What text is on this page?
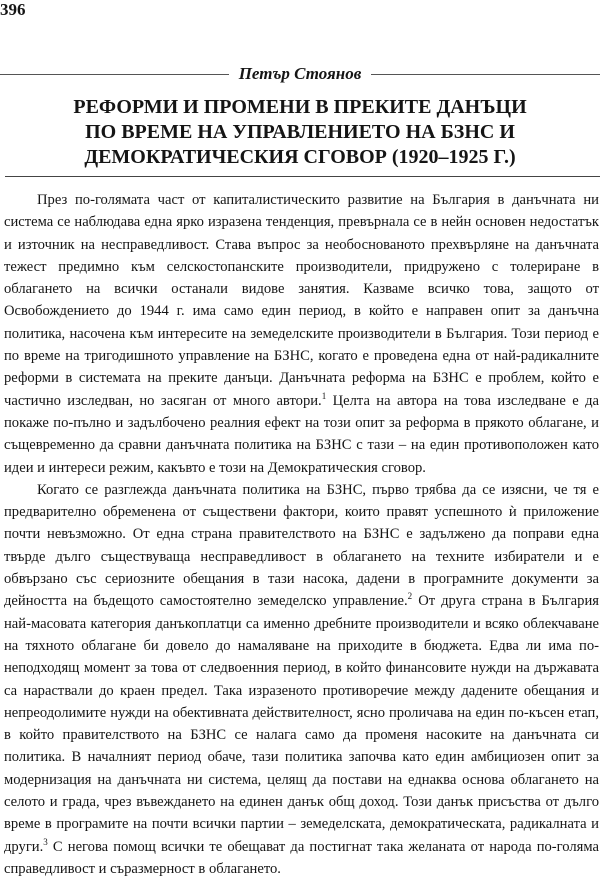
396
Петър Стоянов
РЕФОРМИ И ПРОМЕНИ В ПРЕКИТЕ ДАНЪЦИ
ПО ВРЕМЕ НА УПРАВЛЕНИЕТО НА БЗНС И
ДЕМОКРАТИЧЕСКИЯ СГОВОР (1920–1925 Г.)

През по-голямата част от капиталистическито развитие на България в данъчната ни система се наблюдава една ярко изразена тенденция, превърнала се в нейн основен недостатък и източник на несправедливост. Става въпрос за необоснованото прехвърляне на данъчната тежест предимно към селскостопанските производители, придружено с толериране в облагането на всички останали видове занятия. Казваме всичко това, защото от Освобождението до 1944 г. има само един период, в който е направен опит за данъчна политика, насочена към интересите на земеделските производители в България. Този период е по време на тригодишното управление на БЗНС, когато е проведена една от най-радикалните реформи в системата на преките данъци. Данъчната реформа на БЗНС е проблем, който е частично изследван, но засяган от много автори.$^1$ Целта на автора на това изследване е да покаже по-пълно и задълбочено реалния ефект на този опит за реформа в прякото облагане, и същевременно да сравни данъчната политика на БЗНС с тази – на един противоположен като идеи и интереси режим, какъвто е този на Демократическия сговор.

Когато се разглежда данъчната политика на БЗНС, първо трябва да се изясни, че тя е предварително обременена от съществени фактори, които правят успешното ѝ приложение почти невъзможно. От една страна правителството на БЗНС е задължено да поправи една твърде дълго съществуваща несправедливост в облагането на техните избиратели и е обвързано със сериозните обещания в тази насока, дадени в програмните документи за дейността на бъдещото самостоятелно земеделско управление.$^2$ От друга страна в България най-масовата категория данъкоплатци са именно дребните производители и всяко облекчаване на тяхното облагане би довело до намаляване на приходите в бюджета. Едва ли има по-неподходящ момент за това от следвоенния период, в който финансовите нужди на държавата са нараствали до краен предел. Така изразеното противоречие между дадените обещания и непреодолимите нужди на обективната действителност, ясно проличава на един по-късен етап, в който правителството на БЗНС се налага само да променя насоките на данъчната си политика. В началният период обаче, тази политика започва като един амбициозен опит за модернизация на данъчната ни система, целящ да постави на еднаква основа облагането на селото и града, чрез въвеждането на единен данък общ доход. Този данък присъства от дълго време в програмите на почти всички партии – земеделската, демократическата, радикалната и други.$^3$ С негова помощ всички те обещават да постигнат така желаната от народа по-голяма справедливост и съразмерност в облагането.
